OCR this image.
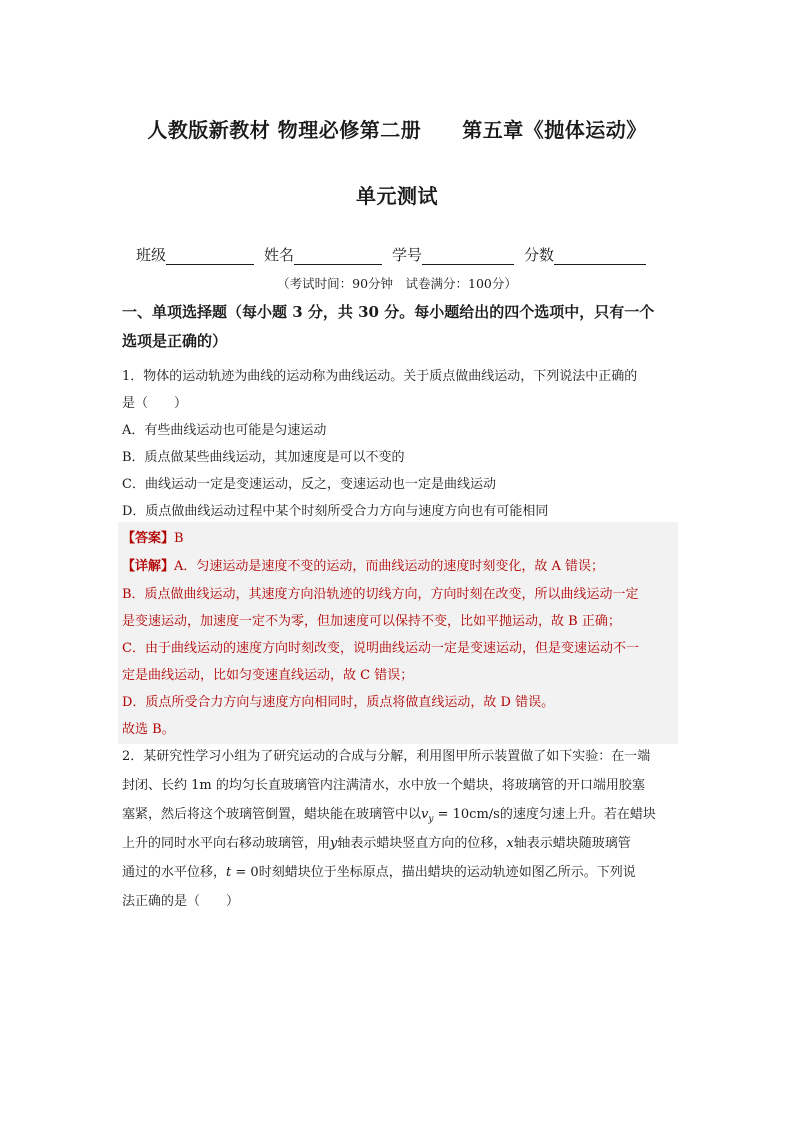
人教版新教材 物理必修第二册　　第五章《抛体运动》
单元测试
班级	姓名	学号	分数
（考试时间：90分钟　试卷满分：100分）
一、单项选择题（每小题 3 分，共 30 分。每小题给出的四个选项中，只有一个
选项是正确的）
1．物体的运动轨迹为曲线的运动称为曲线运动。关于质点做曲线运动，下列说法中正确的
是（　　）
A．有些曲线运动也可能是匀速运动
B．质点做某些曲线运动，其加速度是可以不变的
C．曲线运动一定是变速运动，反之，变速运动也一定是曲线运动
D．质点做曲线运动过程中某个时刻所受合力方向与速度方向也有可能相同
【答案】B
【详解】A．匀速运动是速度不变的运动，而曲线运动的速度时刻变化，故 A 错误；
B．质点做曲线运动，其速度方向沿轨迹的切线方向，方向时刻在改变，所以曲线运动一定
是变速运动，加速度一定不为零，但加速度可以保持不变，比如平抛运动，故 B 正确；
C．由于曲线运动的速度方向时刻改变，说明曲线运动一定是变速运动，但是变速运动不一
定是曲线运动，比如匀变速直线运动，故 C 错误；
D．质点所受合力方向与速度方向相同时，质点将做直线运动，故 D 错误。
故选 B。
2．某研究性学习小组为了研究运动的合成与分解，利用图甲所示装置做了如下实验：在一端
封闭、长约 1m 的均匀长直玻璃管内注满清水，水中放一个蜡块，将玻璃管的开口端用胶塞
塞紧，然后将这个玻璃管倒置，蜡块能在玻璃管中以$v_y = 10cm/s$的速度匀速上升。若在蜡块
上升的同时水平向右移动玻璃管，用y轴表示蜡块竖直方向的位移，x轴表示蜡块随玻璃管
通过的水平位移，t = 0时刻蜡块位于坐标原点，描出蜡块的运动轨迹如图乙所示。下列说
法正确的是（　　）
